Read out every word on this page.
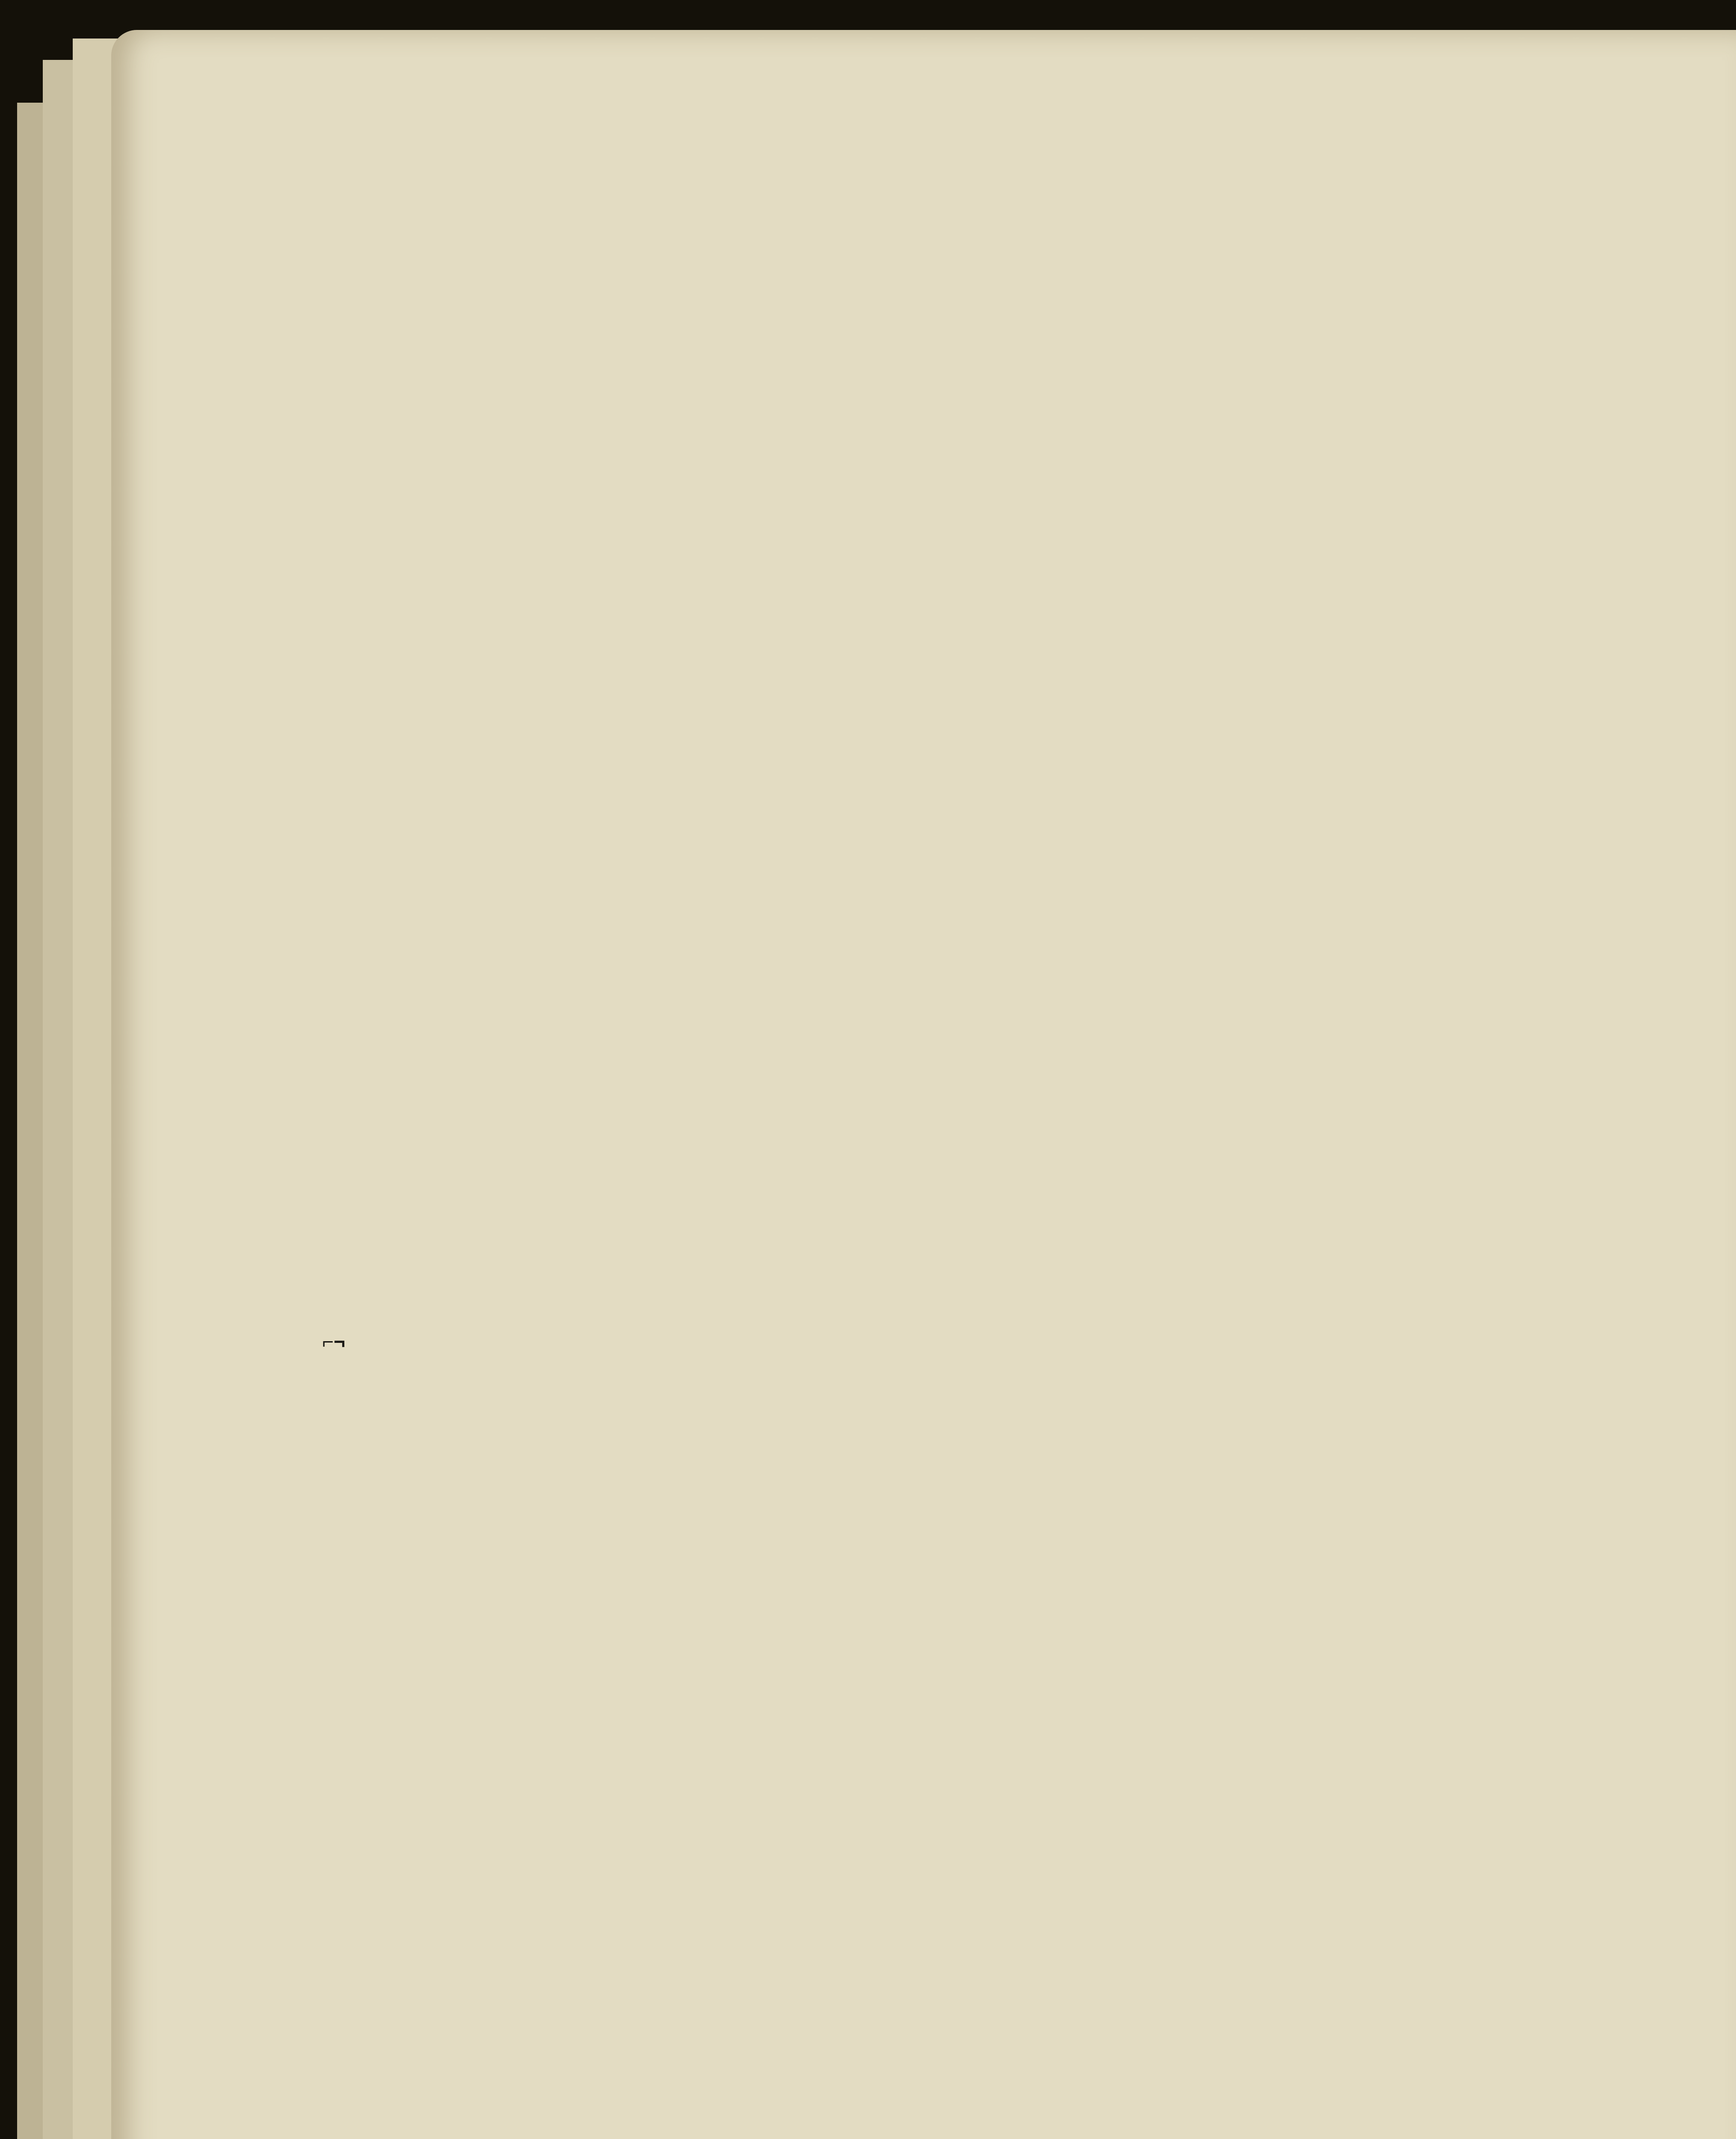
⌐¬
